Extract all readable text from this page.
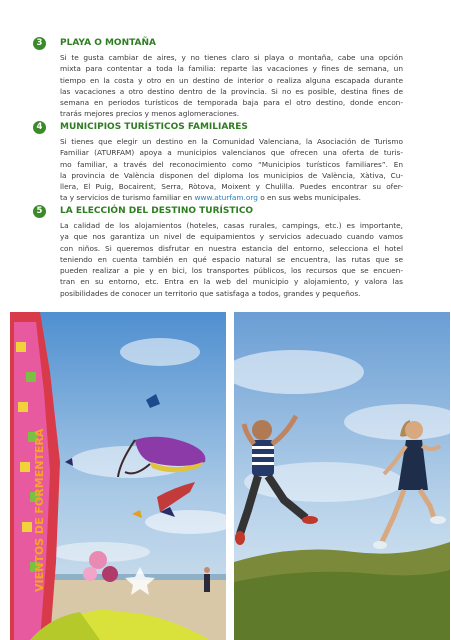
3	PLAYA O MONTAÑA
Si te gusta cambiar de aires, y no tienes claro si playa o montaña, cabe una opción
mixta para contentar a toda la familia: reparte las vacaciones y fines de semana, un
tiempo en la costa y otro en un destino de interior o realiza alguna escapada durante
las vacaciones a otro destino dentro de la provincia. Si no es posible, destina fines de
semana en periodos turísticos de temporada baja para el otro destino, donde encon-
trarás mejores precios y menos aglomeraciones.
4	MUNICIPIOS TURÍSTICOS FAMILIARES
Si tienes que elegir un destino en la Comunidad Valenciana, la Asociación de Turismo
Familiar (ATURFAM) apoya a municipios valencianos que ofrecen una oferta de turis-
mo familiar, a través del reconocimiento como “Municipios turísticos familiares”. En
la provincia de València disponen del diploma los municipios de València, Xàtiva, Cu-
llera, El Puig, Bocairent, Serra, Ròtova, Moixent y Chulilla. Puedes encontrar su ofer-
ta y servicios de turismo familiar en www.aturfam.org o en sus webs municipales.
5	LA ELECCIÓN DEL DESTINO TURÍSTICO
La calidad de los alojamientos (hoteles, casas rurales, campings, etc.) es importante,
ya que nos garantiza un nivel de equipamientos y servicios adecuado cuando vamos
con niños. Si queremos disfrutar en nuestra estancia del entorno, selecciona el hotel
teniendo en cuenta también en qué espacio natural se encuentra, las rutas que se
pueden realizar a pie y en bici, los transportes públicos, los recursos que se encuen-
tran en su entorno, etc. Entra en la web del municipio y alojamiento, y valora las
posibilidades de conocer un territorio que satisfaga a todos, grandes y pequeños.
VIENTOS DE FORMENTERA
